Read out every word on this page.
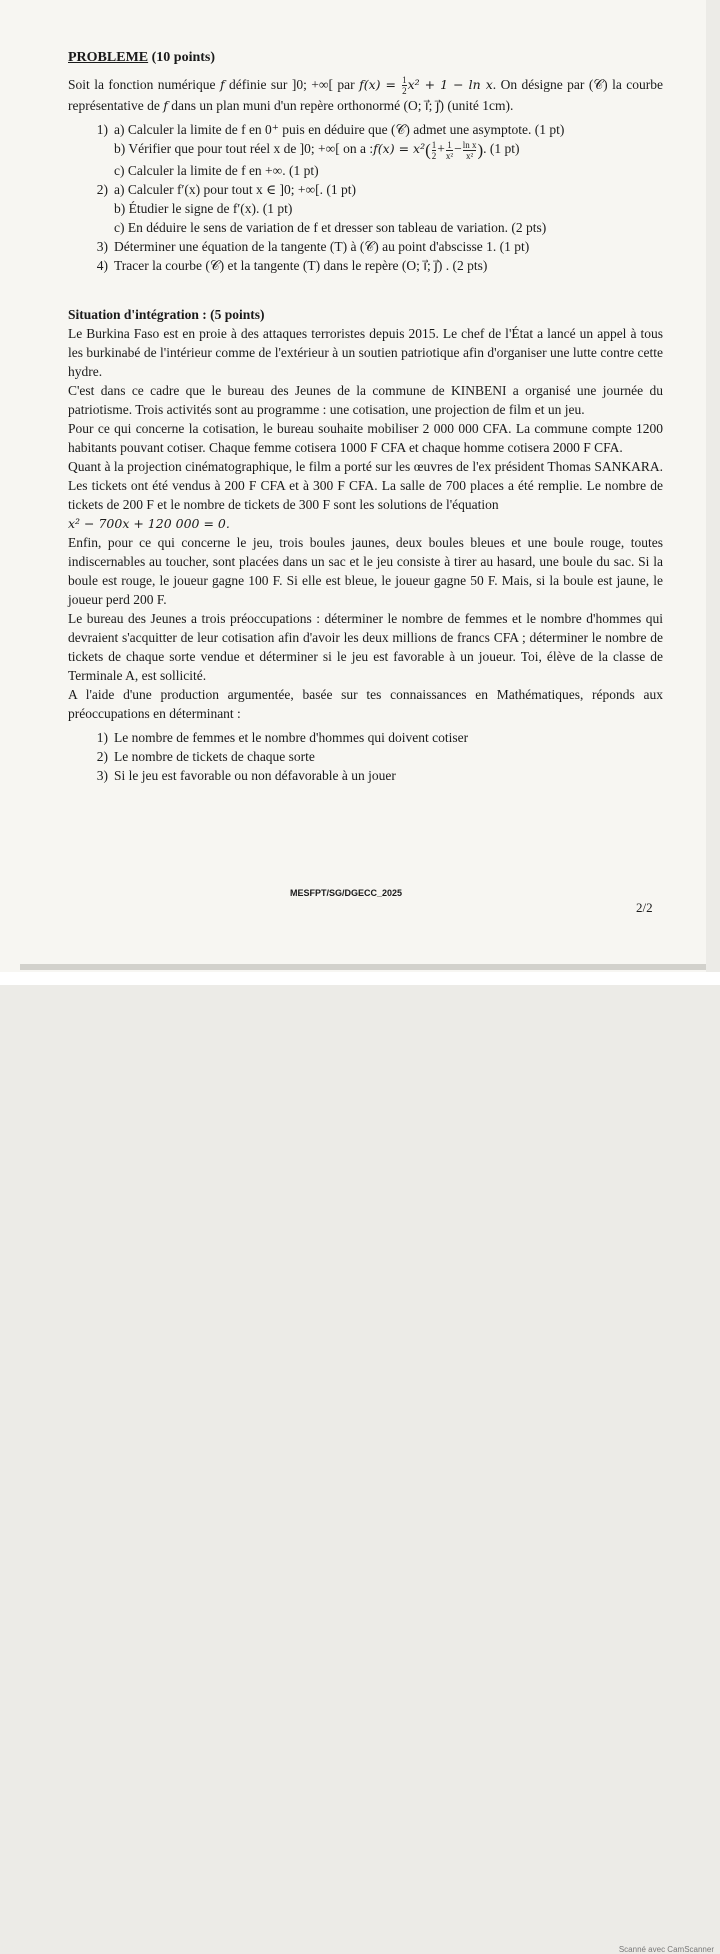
Scanné avec CamScanner
PROBLEME (10 points)

Soit la fonction numérique f définie sur ]0; +∞[ par $f(x) = \frac{1}{2} x^2 + 1 - \ln x$. On désigne par (𝒞) la courbe représentative de f dans un plan muni d'un repère orthonormé (O; ı⃗; ȷ⃗) (unité 1cm).

1) a) Calculer la limite de f en 0⁺ puis en déduire que (𝒞) admet une asymptote. (1 pt)
b) Vérifier que pour tout réel x de ]0; +∞[ on a :f(x) = $x^2( \frac{1}{2} + \frac{1}{\text{x²}} - \frac{\text{ln x}}{\text{x²}}$ ). (1 pt)
c) Calculer la limite de f en +∞. (1 pt)
2) a) Calculer f′(x) pour tout x ∈ ]0; +∞[. (1 pt)
b) Étudier le signe de f′(x). (1 pt)
c) En déduire le sens de variation de f et dresser son tableau de variation. (2 pts)
3) Déterminer une équation de la tangente (T) à (𝒞) au point d'abscisse 1. (1 pt)
4) Tracer la courbe (𝒞) et la tangente (T) dans le repère (O; ı⃗; ȷ⃗) . (2 pts)

Situation d'intégration : (5 points)

Le Burkina Faso est en proie à des attaques terroristes depuis 2015. Le chef de l'État a lancé un appel à tous les burkinabé de l'intérieur comme de l'extérieur à un soutien patriotique afin d'organiser une lutte contre cette hydre.

C'est dans ce cadre que le bureau des Jeunes de la commune de KINBENI a organisé une journée du patriotisme. Trois activités sont au programme : une cotisation, une projection de film et un jeu.

Pour ce qui concerne la cotisation, le bureau souhaite mobiliser 2 000 000 CFA. La commune compte 1200 habitants pouvant cotiser. Chaque femme cotisera 1000 F CFA et chaque homme cotisera 2000 F CFA.

Quant à la projection cinématographique, le film a porté sur les œuvres de l'ex président Thomas SANKARA. Les tickets ont été vendus à 200 F CFA et à 300 F CFA. La salle de 700 places a été remplie. Le nombre de tickets de 200 F et le nombre de tickets de 300 F sont les solutions de l'équation

x² − 700x + 120 000 = 0.

Enfin, pour ce qui concerne le jeu, trois boules jaunes, deux boules bleues et une boule rouge, toutes indiscernables au toucher, sont placées dans un sac et le jeu consiste à tirer au hasard, une boule du sac. Si la boule est rouge, le joueur gagne 100 F. Si elle est bleue, le joueur gagne 50 F. Mais, si la boule est jaune, le joueur perd 200 F.

Le bureau des Jeunes a trois préoccupations : déterminer le nombre de femmes et le nombre d'hommes qui devraient s'acquitter de leur cotisation afin d'avoir les deux millions de francs CFA ; déterminer le nombre de tickets de chaque sorte vendue et déterminer si le jeu est favorable à un joueur. Toi, élève de la classe de Terminale A, est sollicité.

A l'aide d'une production argumentée, basée sur tes connaissances en Mathématiques, réponds aux préoccupations en déterminant :

1) Le nombre de femmes et le nombre d'hommes qui doivent cotiser
2) Le nombre de tickets de chaque sorte
3) Si le jeu est favorable ou non défavorable à un jouer
MESFPT/SG/DGECC_2025
2/2
